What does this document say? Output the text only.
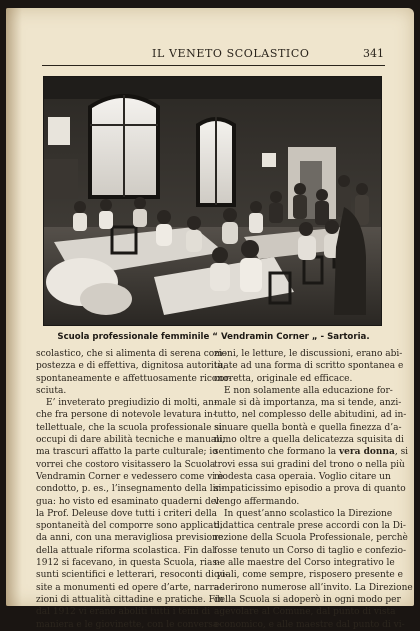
IL VENETO SCOLASTICO	341
Scuola professionale femminile “ Vendramin Corner „ - Sartoria.
scolastico, che si alimenta di serena com-
postezza e di effettiva, dignitosa autorità,
spontaneamente e affettuosamente ricono-
sciuta.
E’ inveterato pregiudizio di molti, an-
che fra persone di notevole levatura in-
tellettuale, che la scuola professionale si
occupi di dare abilità tecniche e manuali,
ma trascuri affatto la parte culturale; io
vorrei che costoro visitassero la Scuola
Vendramin Corner e vedessero come vi è
condotto, p. es., l’insegnamento della lin-
gua: ho visto ed esaminato quaderni del-
la Prof. Deleuse dove tutti i criteri della
spontaneità del comporre sono applicati,
da anni, con una meravigliosa previsione
della attuale riforma scolastica. Fin dal
1912 si facevano, in questa Scuola, rias-
sunti scientifici e letterari, resoconti di vi-
site a monumenti ed opere d’arte, narra-
zioni di attualità cittadine e pratiche. Fin
dal 1912 vi erano aboliti tutti i temi di
maniera e le giovinette, con le conversa-
zioni, le letture, le discussioni, erano abi-
tuate ad una forma di scritto spontanea e
corretta, originale ed efficace.
E non solamente alla educazione for-
male si dà importanza, ma si tende, anzi-
tutto, nel complesso delle abitudini, ad in-
sinuare quella bontà e quella finezza d’a-
nimo oltre a quella delicatezza squisita di
sentimento che formano la vera donna
trovi essa sui gradini del trono o nella più
modesta casa operaia. Voglio citare un
simpaticissimo episodio a prova di quanto
vengo affermando.
In quest’anno scolastico la Direzione
didattica centrale prese accordi con la Di-
rezione della Scuola Professionale, perchè
fosse tenuto un Corso di taglio e confezio-
ne alle maestre del Corso integrativo le
quali, come sempre, risposero presente e
aderirono numerose all’invito. La Direzione
della Scuola si adoperò in ogni modo per
agevolare al Comune, dal punto di vista
economico, e alle maestre dal punto di vi-
